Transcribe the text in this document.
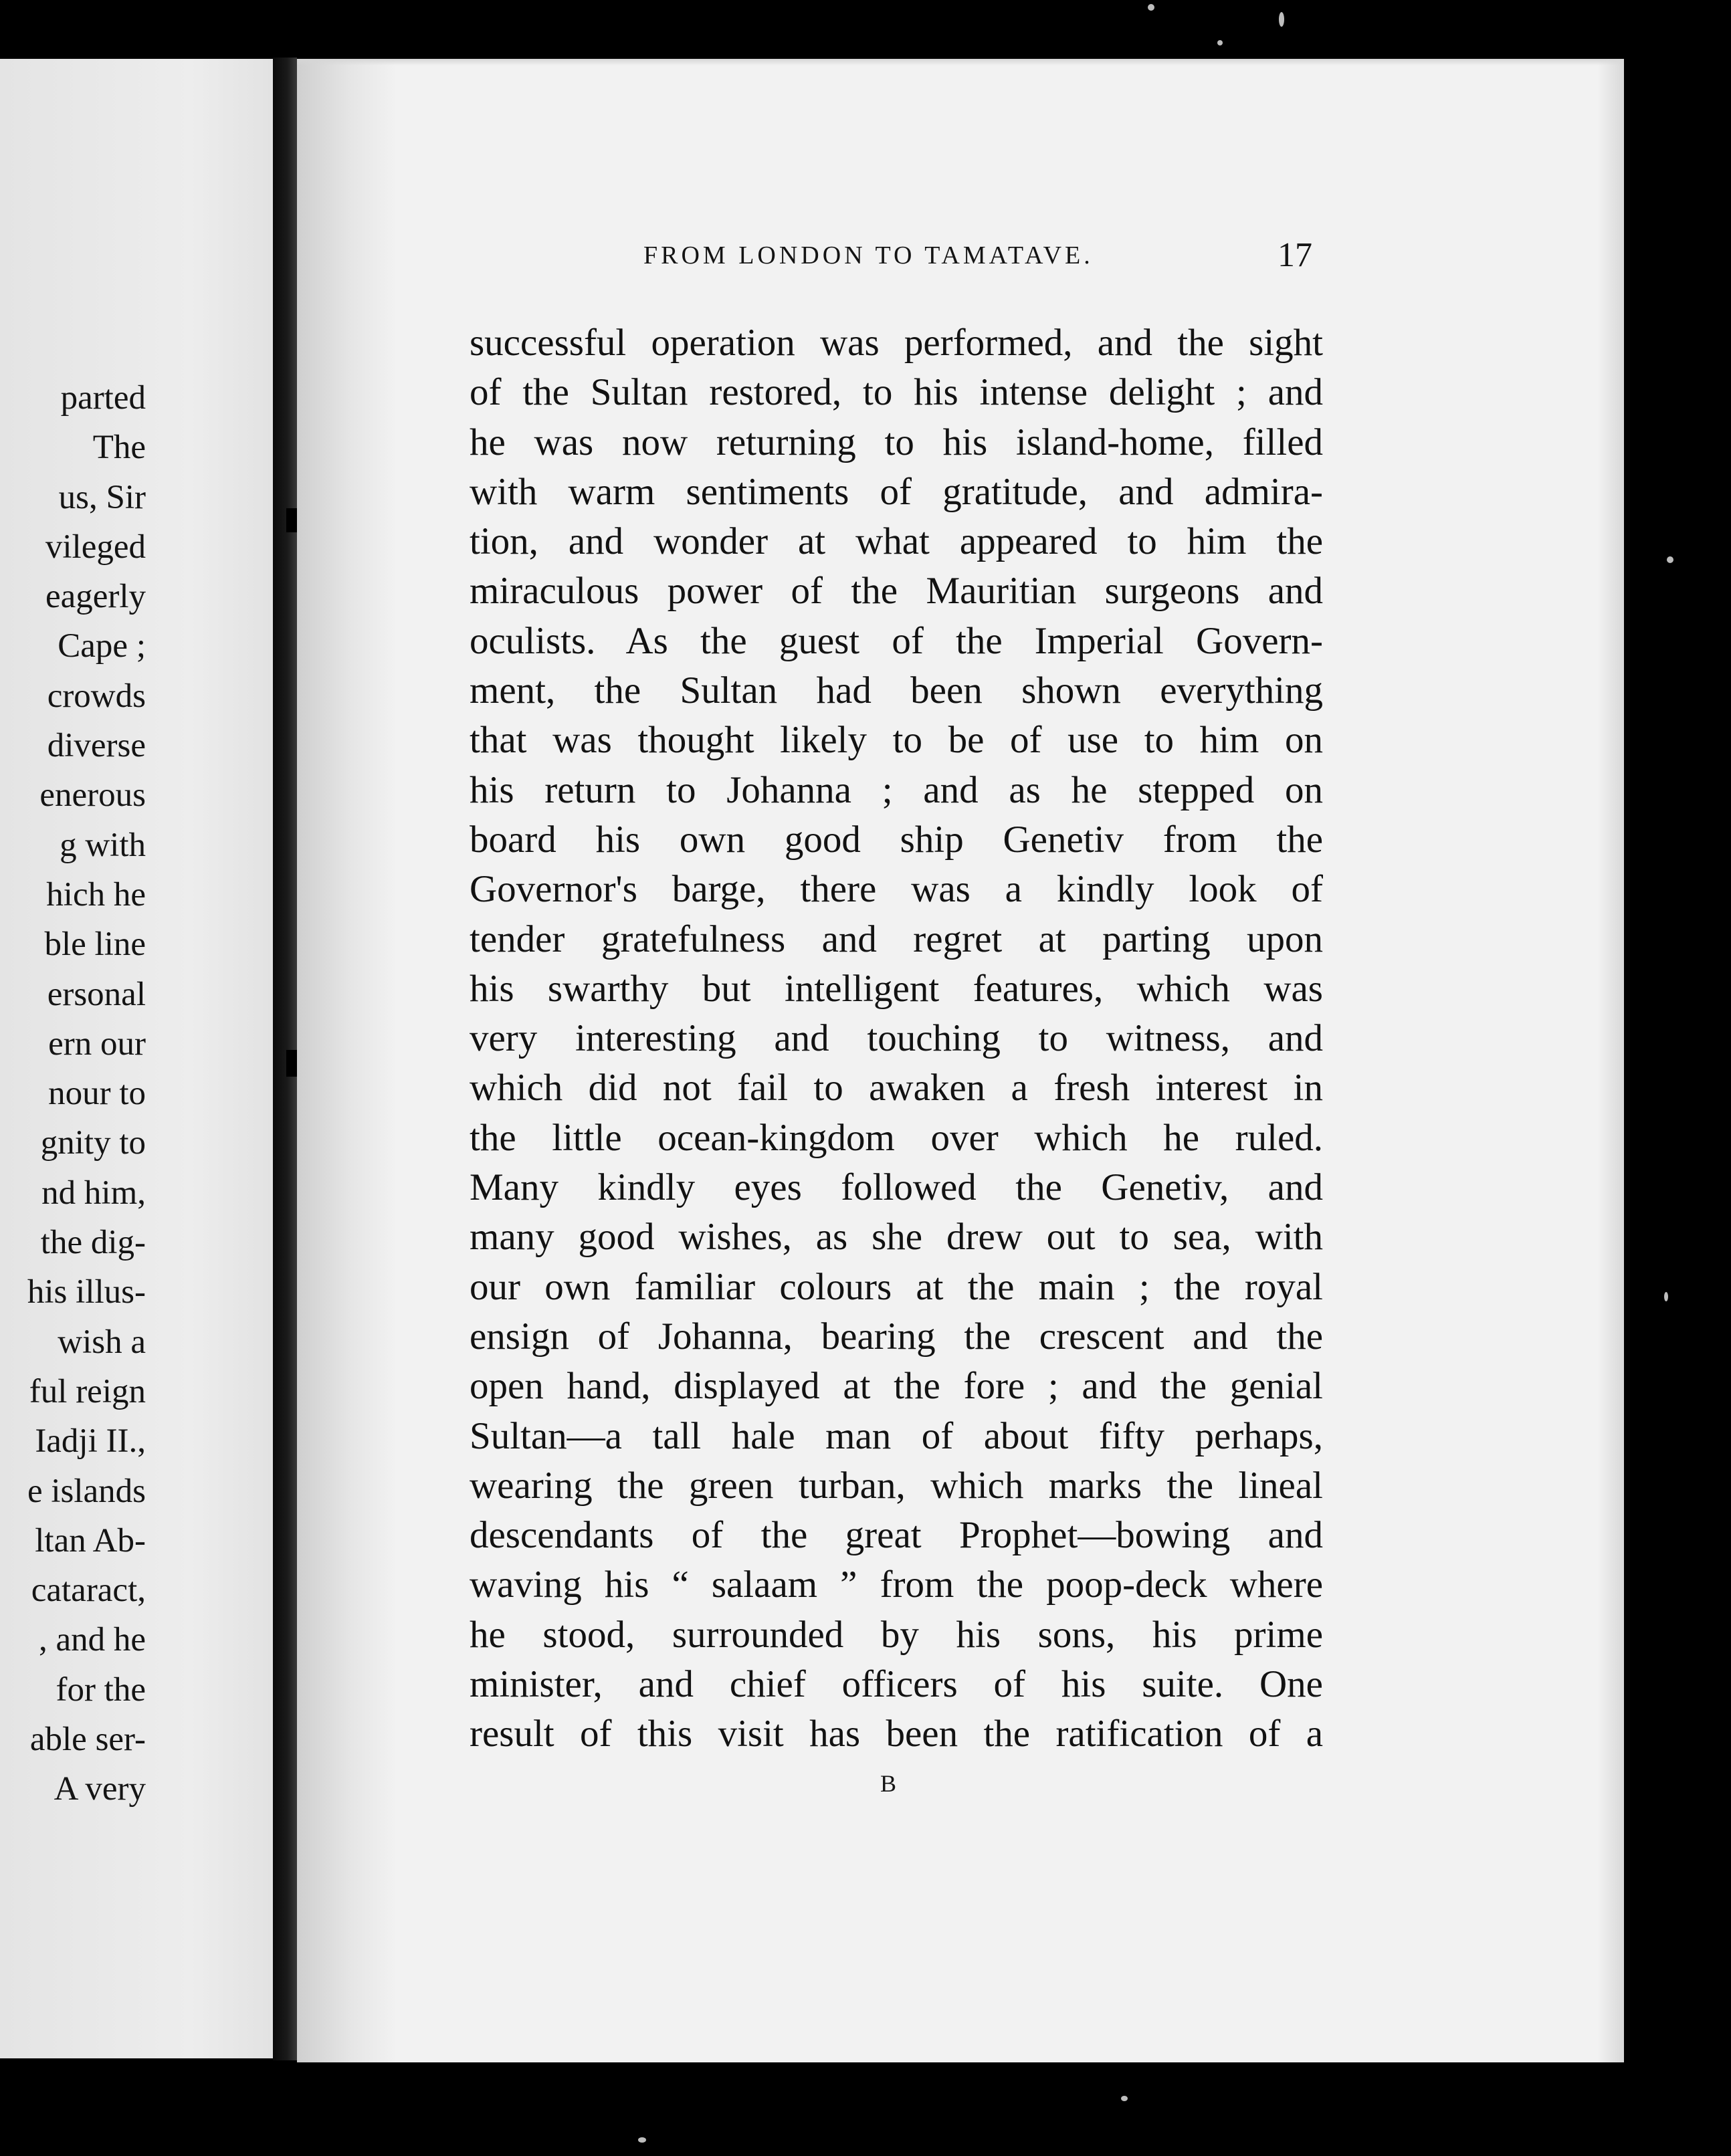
parted
The
us, Sir
vileged
eagerly
Cape ;
crowds
diverse
enerous
g with
hich he
ble line
ersonal
ern our
nour to
gnity to
nd him,
the dig-
his illus-
wish a
ful reign
Iadji II.,
e islands
ltan Ab-
cataract,
, and he
for the
able ser-
A very
FROM LONDON TO TAMATAVE.	17
successful operation was performed, and the sight
of the Sultan restored, to his intense delight ; and
he was now returning to his island-home, filled
with warm sentiments of gratitude, and admira-
tion, and wonder at what appeared to him the
miraculous power of the Mauritian surgeons and
oculists. As the guest of the Imperial Govern-
ment, the Sultan had been shown everything
that was thought likely to be of use to him on
his return to Johanna ; and as he stepped on
board his own good ship Genetiv from the
Governor's barge, there was a kindly look of
tender gratefulness and regret at parting upon
his swarthy but intelligent features, which was
very interesting and touching to witness, and
which did not fail to awaken a fresh interest in
the little ocean-kingdom over which he ruled.
Many kindly eyes followed the Genetiv, and
many good wishes, as she drew out to sea, with
our own familiar colours at the main ; the royal
ensign of Johanna, bearing the crescent and the
open hand, displayed at the fore ; and the genial
Sultan—a tall hale man of about fifty perhaps,
wearing the green turban, which marks the lineal
descendants of the great Prophet—bowing and
waving his “ salaam ” from the poop-deck where
he stood, surrounded by his sons, his prime
minister, and chief officers of his suite. One
result of this visit has been the ratification of a
B
